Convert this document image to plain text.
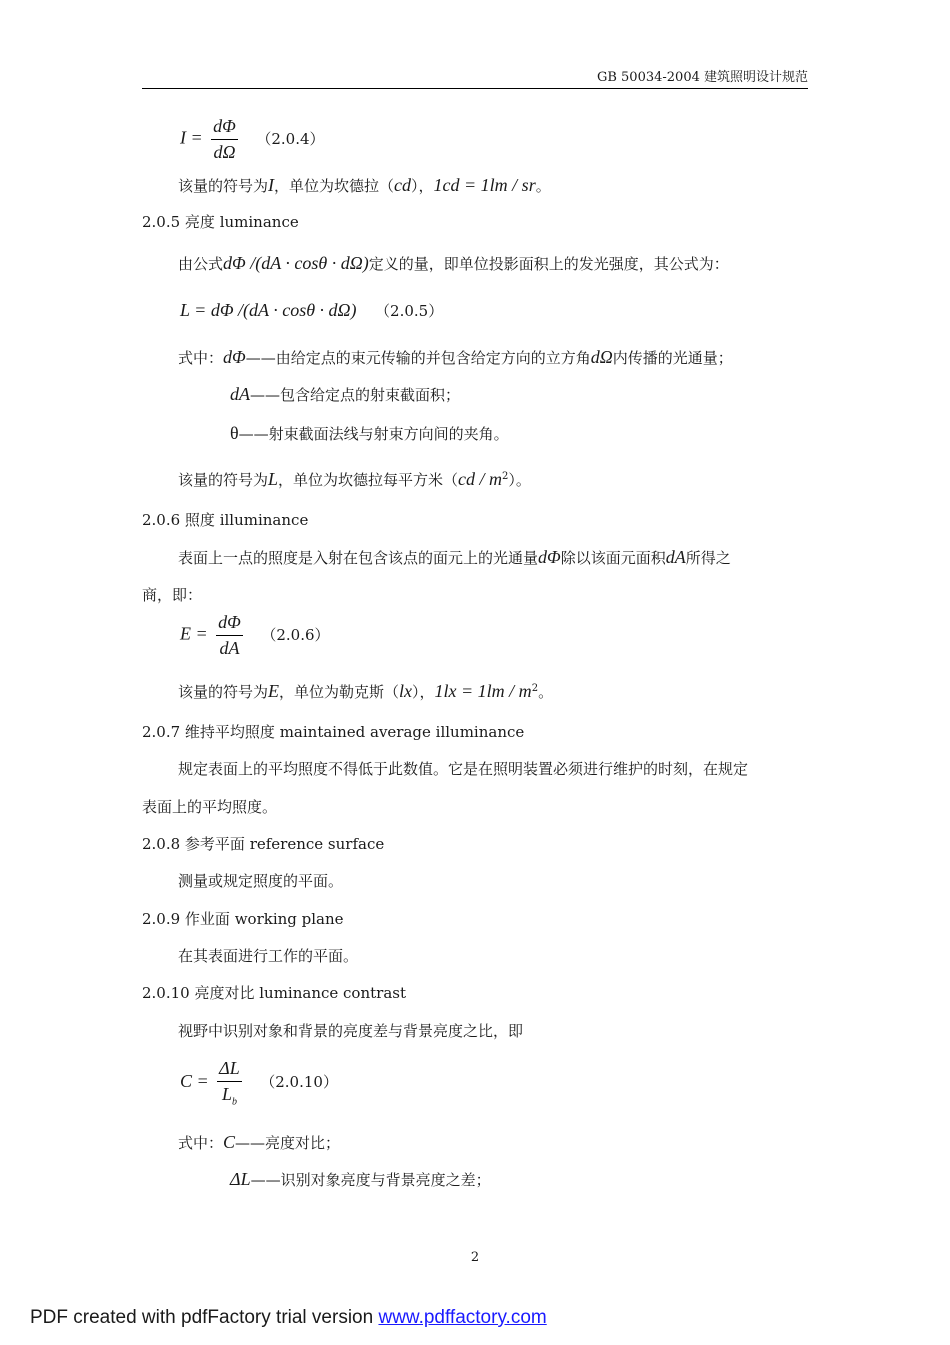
GB 50034-2004 建筑照明设计规范
$I = \frac{d\Phi}{d\Omega} (2.0.4)$
该量的符号为I，单位为坎德拉（cd），1cd = 1lm / sr。
2.0.5 亮度 luminance
由公式dΦ /(dA · cosθ · dΩ)定义的量，即单位投影面积上的发光强度，其公式为：
L = dΦ /(dA · cosθ · dΩ) （2.0.5）
式中：dΦ——由给定点的束元传输的并包含给定方向的立方角dΩ内传播的光通量；
dA——包含给定点的射束截面积；
θ——射束截面法线与射束方向间的夹角。
该量的符号为L，单位为坎德拉每平方米$(cd / m^2)$。
2.0.6 照度 illuminance
表面上一点的照度是入射在包含该点的面元上的光通量dΦ除以该面元面积dA所得之
商，即：
$E = \frac{d\Phi}{dA} (2.0.6)$
该量的符号为E，单位为勒克斯（lx），$1lx = 1lm / m^2$。
2.0.7 维持平均照度 maintained average illuminance
规定表面上的平均照度不得低于此数值。它是在照明装置必须进行维护的时刻，在规定
表面上的平均照度。
2.0.8 参考平面 reference surface
测量或规定照度的平面。
2.0.9 作业面 working plane
在其表面进行工作的平面。
2.0.10 亮度对比 luminance contrast
视野中识别对象和背景的亮度差与背景亮度之比，即
$C = \frac{\Delta L}{L_b} (2.0.10)$
式中：C——亮度对比；
ΔL——识别对象亮度与背景亮度之差；
2
PDF created with pdfFactory trial version www.pdffactory.com
